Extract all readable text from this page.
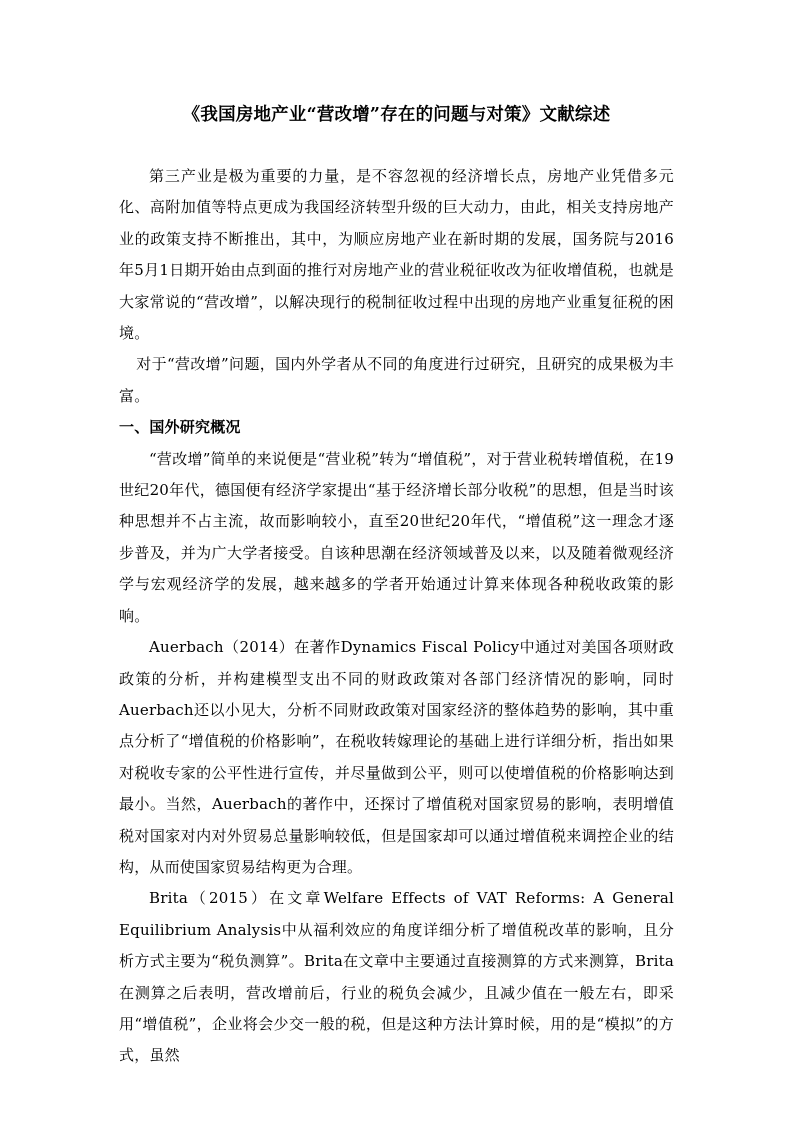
《我国房地产业“营改增”存在的问题与对策》文献综述

第三产业是极为重要的力量，是不容忽视的经济增长点，房地产业凭借多元化、高附加值等特点更成为我国经济转型升级的巨大动力，由此，相关支持房地产业的政策支持不断推出，其中，为顺应房地产业在新时期的发展，国务院与2016年5月1日期开始由点到面的推行对房地产业的营业税征收改为征收增值税，也就是大家常说的“营改增”，以解决现行的税制征收过程中出现的房地产业重复征税的困境。

对于“营改增”问题，国内外学者从不同的角度进行过研究，且研究的成果极为丰富。

一、国外研究概况

“营改增”简单的来说便是“营业税”转为“增值税”，对于营业税转增值税，在19世纪20年代，德国便有经济学家提出“基于经济增长部分收税”的思想，但是当时该种思想并不占主流，故而影响较小，直至20世纪20年代，“增值税”这一理念才逐步普及，并为广大学者接受。自该种思潮在经济领域普及以来，以及随着微观经济学与宏观经济学的发展，越来越多的学者开始通过计算来体现各种税收政策的影响。

Auerbach（2014）在著作Dynamics Fiscal Policy中通过对美国各项财政政策的分析，并构建模型支出不同的财政政策对各部门经济情况的影响，同时Auerbach还以小见大，分析不同财政政策对国家经济的整体趋势的影响，其中重点分析了“增值税的价格影响”，在税收转嫁理论的基础上进行详细分析，指出如果对税收专家的公平性进行宣传，并尽量做到公平，则可以使增值税的价格影响达到最小。当然，Auerbach的著作中，还探讨了增值税对国家贸易的影响，表明增值税对国家对内对外贸易总量影响较低，但是国家却可以通过增值税来调控企业的结构，从而使国家贸易结构更为合理。

Brita（2015）在文章Welfare Effects of VAT Reforms: A General Equilibrium Analysis中从福利效应的角度详细分析了增值税改革的影响，且分析方式主要为“税负测算”。Brita在文章中主要通过直接测算的方式来测算，Brita在测算之后表明，营改增前后，行业的税负会减少，且减少值在一般左右，即采用“增值税”，企业将会少交一般的税，但是这种方法计算时候，用的是“模拟”的方式，虽然
